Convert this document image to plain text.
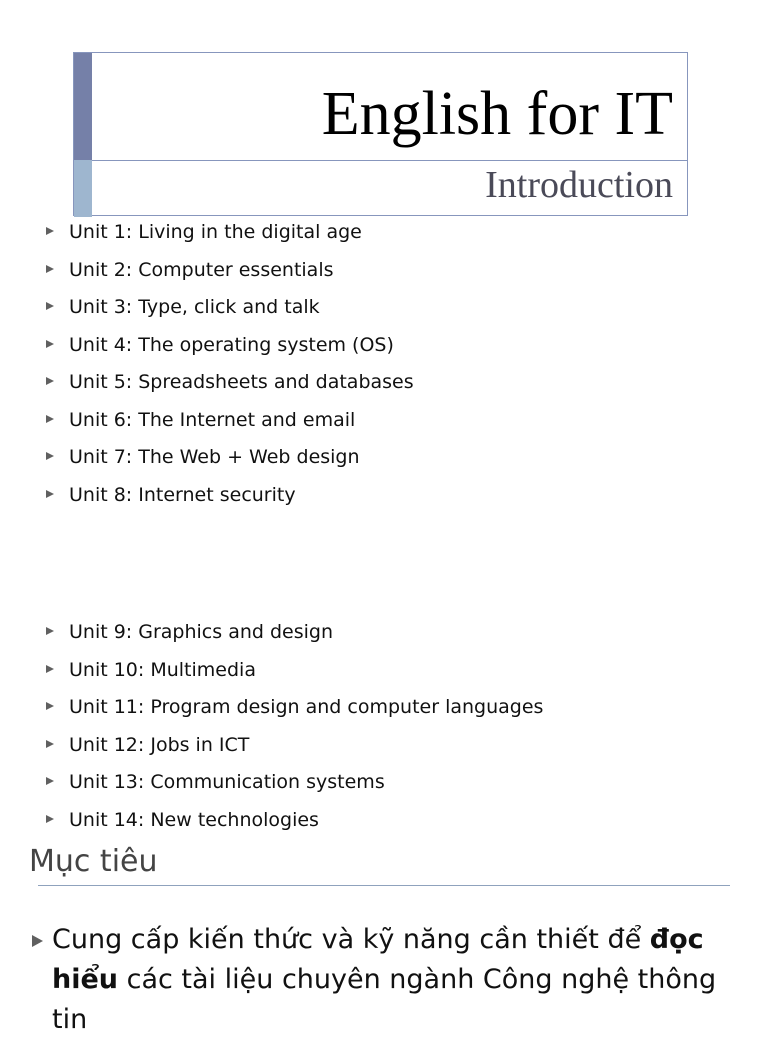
English for IT
Introduction
Unit 1: Living in the digital age
Unit 2: Computer essentials
Unit 3: Type, click and talk
Unit 4: The operating system (OS)
Unit 5: Spreadsheets and databases
Unit 6: The Internet and email
Unit 7: The Web + Web design
Unit 8: Internet security
Unit 9: Graphics and design
Unit 10: Multimedia
Unit 11: Program design and computer languages
Unit 12: Jobs in ICT
Unit 13: Communication systems
Unit 14: New technologies
Mục tiêu
Cung cấp kiến thức và kỹ năng cần thiết để đọc hiểu các tài liệu chuyên ngành Công nghệ thông tin
